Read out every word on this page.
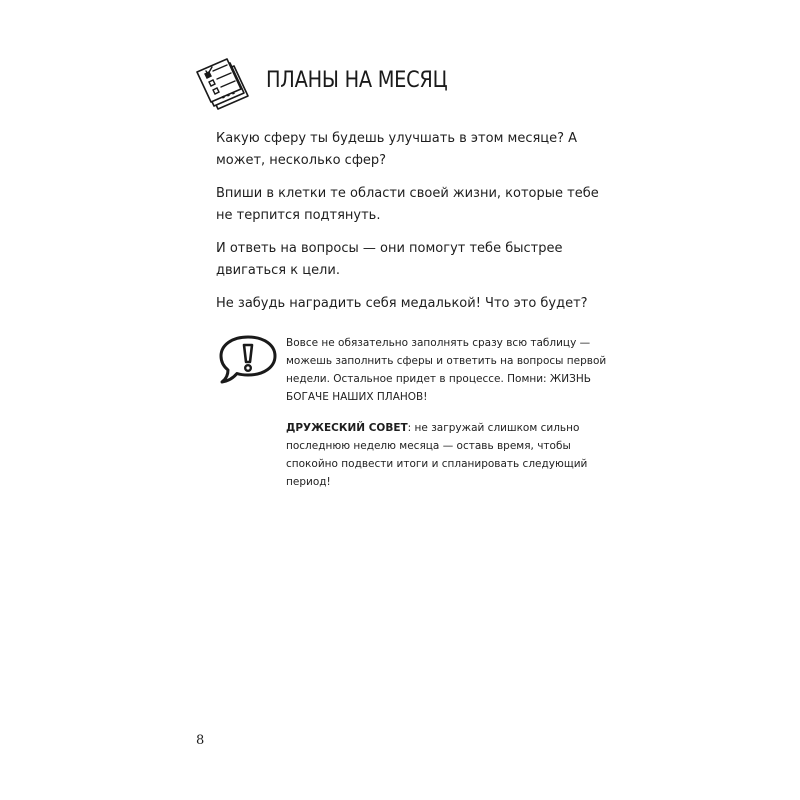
ПЛАНЫ НА МЕСЯЦ

Какую сферу ты будешь улучшать в этом месяце? А может, несколько сфер?

Впиши в клетки те области своей жизни, которые тебе не терпится подтянуть.

И ответь на вопросы — они помогут тебе быстрее двигаться к цели.

Не забудь наградить себя медалькой! Что это будет?

Вовсе не обязательно заполнять сразу всю таблицу — можешь заполнить сферы и ответить на вопросы первой недели. Остальное придет в процессе. Помни: ЖИЗНЬ БОГАЧЕ НАШИХ ПЛАНОВ!

ДРУЖЕСКИЙ СОВЕТ: не загружай слишком сильно последнюю неделю месяца — оставь время, чтобы спокойно подвести итоги и спланировать следующий период!

8
